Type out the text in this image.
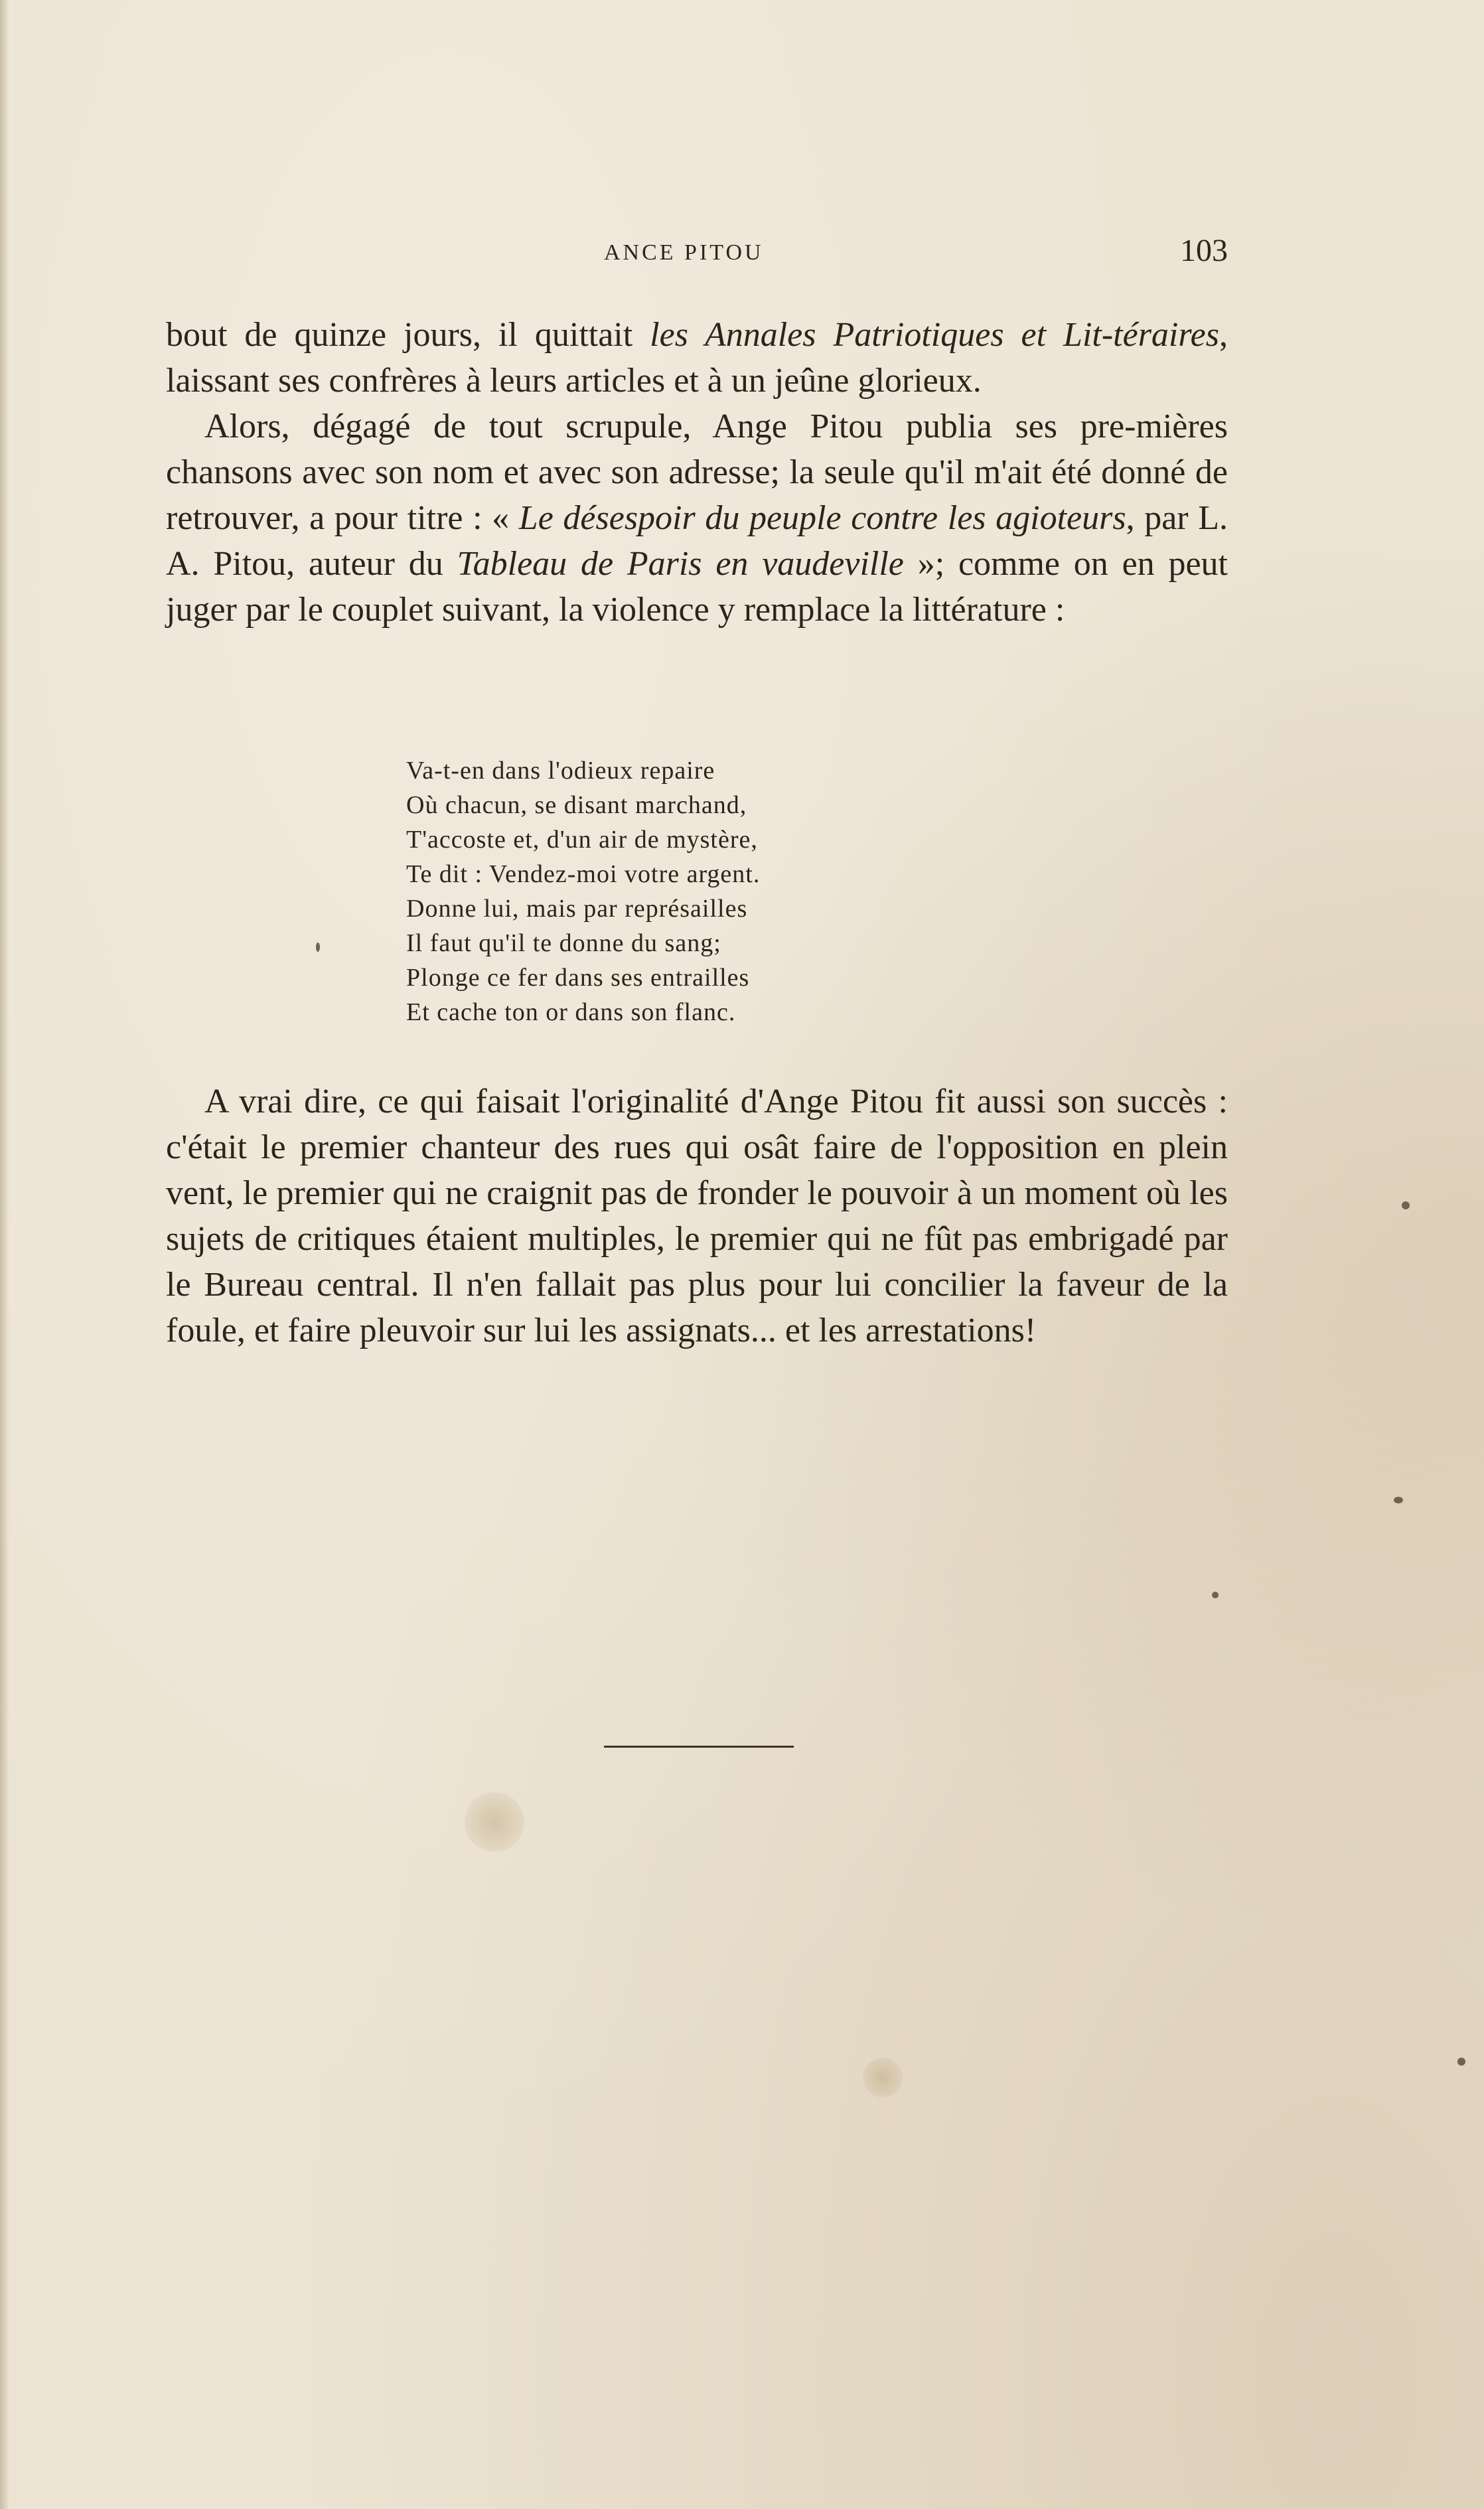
ANCE PITOU	103

bout de quinze jours, il quittait les Annales Patriotiques et Lit-téraires, laissant ses confrères à leurs articles et à un jeûne glorieux.

Alors, dégagé de tout scrupule, Ange Pitou publia ses pre-mières chansons avec son nom et avec son adresse; la seule qu'il m'ait été donné de retrouver, a pour titre : « Le désespoir du peuple contre les agioteurs, par L. A. Pitou, auteur du Tableau de Paris en vaudeville »; comme on en peut juger par le couplet suivant, la violence y remplace la littérature :

Va-t-en dans l'odieux repaire
Où chacun, se disant marchand,
T'accoste et, d'un air de mystère,
Te dit : Vendez-moi votre argent.
Donne lui, mais par représailles
Il faut qu'il te donne du sang;
Plonge ce fer dans ses entrailles
Et cache ton or dans son flanc.

A vrai dire, ce qui faisait l'originalité d'Ange Pitou fit aussi son succès : c'était le premier chanteur des rues qui osât faire de l'opposition en plein vent, le premier qui ne craignit pas de fronder le pouvoir à un moment où les sujets de critiques étaient multiples, le premier qui ne fût pas embrigadé par le Bureau central. Il n'en fallait pas plus pour lui concilier la faveur de la foule, et faire pleuvoir sur lui les assignats... et les arrestations!
